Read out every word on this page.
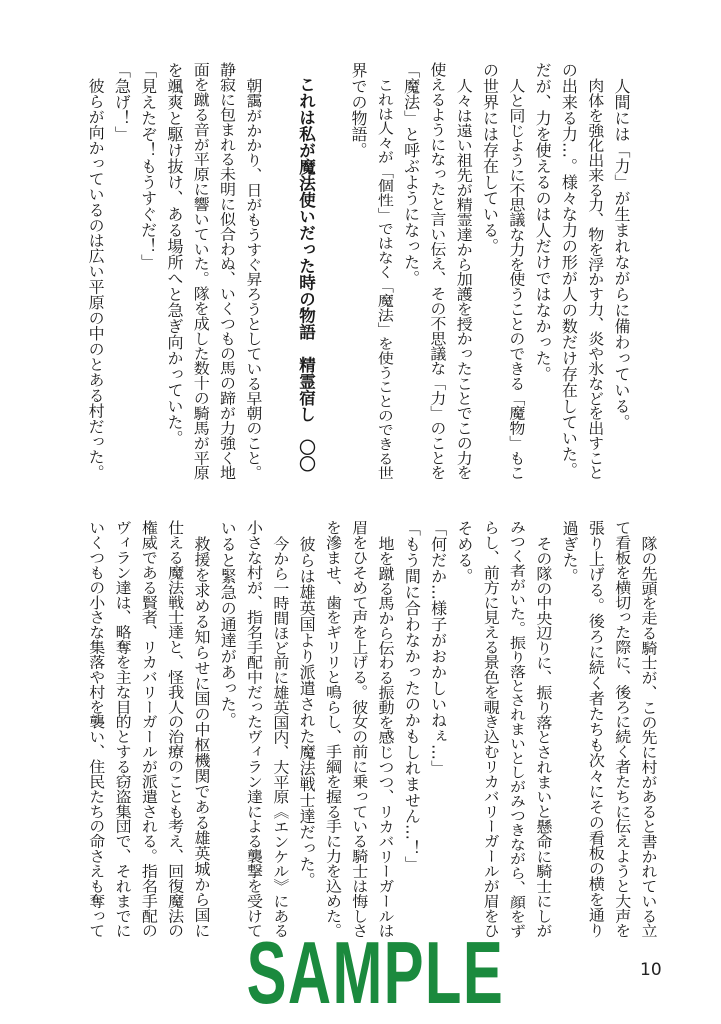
人間には「力」が生まれながらに備わっている。
肉体を強化出来る力、物を浮かす力、炎や氷などを出すこと
の出来る力…。様々な力の形が人の数だけ存在していた。
だが、力を使えるのは人だけではなかった。
人と同じように不思議な力を使うことのできる「魔物」もこ
の世界には存在している。
人々は遠い祖先が精霊達から加護を授かったことでこの力を
使えるようになったと言い伝え、その不思議な「力」のことを
「魔法」と呼ぶようになった。
これは人々が「個性」ではなく「魔法」を使うことのできる世
界での物語。
これは私が魔法使いだった時の物語　精霊宿し　〇〇
朝靄がかかり、日がもうすぐ昇ろうとしている早朝のこと。
静寂に包まれる未明に似合わぬ、いくつもの馬の蹄が力強く地
面を蹴る音が平原に響いていた。隊を成した数十の騎馬が平原
を颯爽と駆け抜け、ある場所へと急ぎ向かっていた。
「見えたぞ！もうすぐだ！」
「急げ！」
彼らが向かっているのは広い平原の中のとある村だった。
隊の先頭を走る騎士が、この先に村があると書かれている立
て看板を横切った際に、後ろに続く者たちに伝えようと大声を
張り上げる。後ろに続く者たちも次々にその看板の横を通り
過ぎた。
その隊の中央辺りに、振り落とされまいと懸命に騎士にしが
みつく者がいた。振り落とされまいとしがみつきながら、顔をず
らし、前方に見える景色を覗き込むリカバリーガールが眉をひ
そめる。
「何だか…様子がおかしいねぇ…」
「もう間に合わなかったのかもしれません…！」
地を蹴る馬から伝わる振動を感じつつ、リカバリーガールは
眉をひそめて声を上げる。彼女の前に乗っている騎士は悔しさ
を滲ませ、歯をギリリと鳴らし、手綱を握る手に力を込めた。
彼らは雄英国より派遣された魔法戦士達だった。
今から一時間ほど前に雄英国内、大平原《エンケル》にある
小さな村が、指名手配中だったヴィラン達による襲撃を受けて
いると緊急の通達があった。
救援を求める知らせに国の中枢機関である雄英城から国に
仕える魔法戦士達と、怪我人の治療のことも考え、回復魔法の
権威である賢者、リカバリーガールが派遣される。指名手配の
ヴィラン達は、略奪を主な目的とする窃盗集団で、それまでに
いくつもの小さな集落や村を襲い、住民たちの命さえも奪って
10
SAMPLE
